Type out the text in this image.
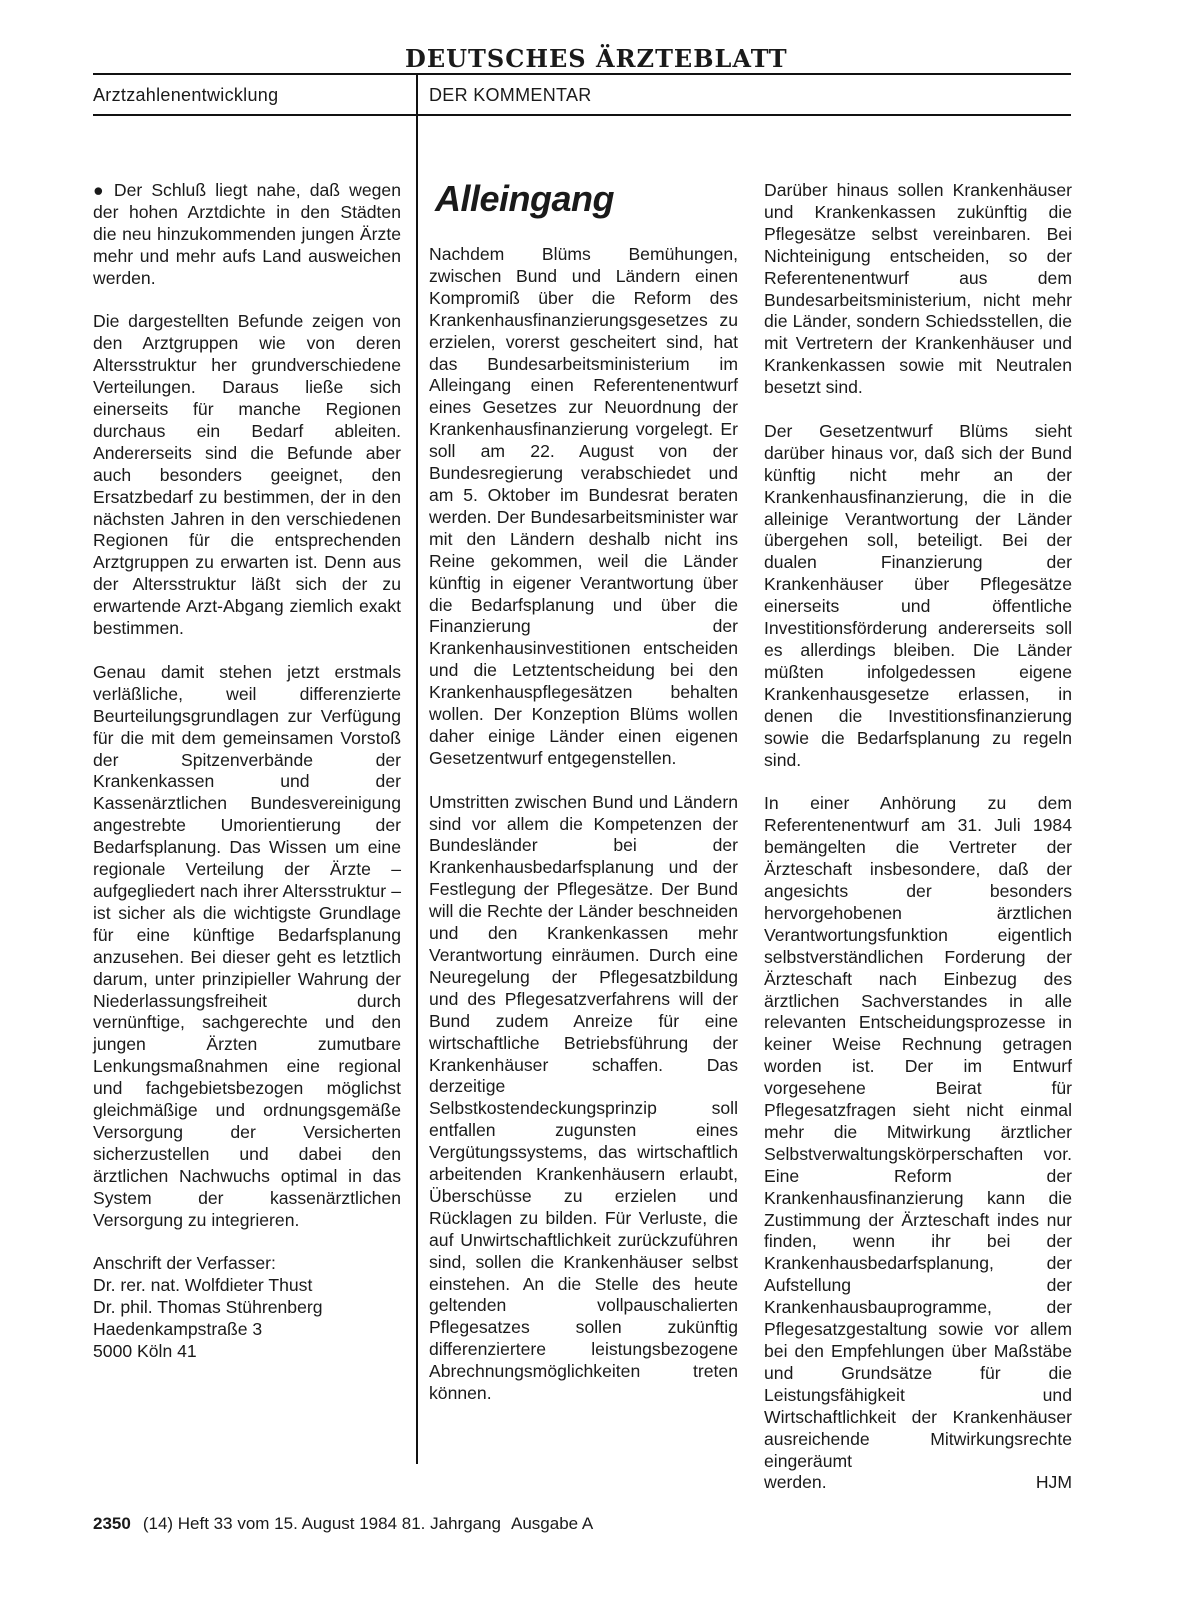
DEUTSCHES ÄRZTEBLATT
Arztzahlenentwicklung	DER KOMMENTAR

● Der Schluß liegt nahe, daß wegen der hohen Arztdichte in den Städten die neu hinzukommenden jungen Ärzte mehr und mehr aufs Land ausweichen werden.

Die dargestellten Befunde zeigen von den Arztgruppen wie von deren Altersstruktur her grundverschiedene Verteilungen. Daraus ließe sich einerseits für manche Regionen durchaus ein Bedarf ableiten. Andererseits sind die Befunde aber auch besonders geeignet, den Ersatzbedarf zu bestimmen, der in den nächsten Jahren in den verschiedenen Regionen für die entsprechenden Arztgruppen zu erwarten ist. Denn aus der Altersstruktur läßt sich der zu erwartende Arzt-Abgang ziemlich exakt bestimmen.

Genau damit stehen jetzt erstmals verläßliche, weil differenzierte Beurteilungsgrundlagen zur Verfügung für die mit dem gemeinsamen Vorstoß der Spitzenverbände der Krankenkassen und der Kassenärztlichen Bundesvereinigung angestrebte Umorientierung der Bedarfsplanung. Das Wissen um eine regionale Verteilung der Ärzte – aufgegliedert nach ihrer Altersstruktur – ist sicher als die wichtigste Grundlage für eine künftige Bedarfsplanung anzusehen. Bei dieser geht es letztlich darum, unter prinzipieller Wahrung der Niederlassungsfreiheit durch vernünftige, sachgerechte und den jungen Ärzten zumutbare Lenkungsmaßnahmen eine regional und fachgebietsbezogen möglichst gleichmäßige und ordnungsgemäße Versorgung der Versicherten sicherzustellen und dabei den ärztlichen Nachwuchs optimal in das System der kassenärztlichen Versorgung zu integrieren.

Anschrift der Verfasser:
Dr. rer. nat. Wolfdieter Thust
Dr. phil. Thomas Stührenberg
Haedenkampstraße 3
5000 Köln 41
Alleingang

Nachdem Blüms Bemühungen, zwischen Bund und Ländern einen Kompromiß über die Reform des Krankenhausfinanzierungsgesetzes zu erzielen, vorerst gescheitert sind, hat das Bundesarbeitsministerium im Alleingang einen Referentenentwurf eines Gesetzes zur Neuordnung der Krankenhausfinanzierung vorgelegt. Er soll am 22. August von der Bundesregierung verabschiedet und am 5. Oktober im Bundesrat beraten werden. Der Bundesarbeitsminister war mit den Ländern deshalb nicht ins Reine gekommen, weil die Länder künftig in eigener Verantwortung über die Bedarfsplanung und über die Finanzierung der Krankenhausinvestitionen entscheiden und die Letztentscheidung bei den Krankenhauspflegesätzen behalten wollen. Der Konzeption Blüms wollen daher einige Länder einen eigenen Gesetzentwurf entgegenstellen.

Umstritten zwischen Bund und Ländern sind vor allem die Kompetenzen der Bundesländer bei der Krankenhausbedarfsplanung und der Festlegung der Pflegesätze. Der Bund will die Rechte der Länder beschneiden und den Krankenkassen mehr Verantwortung einräumen. Durch eine Neuregelung der Pflegesatzbildung und des Pflegesatzverfahrens will der Bund zudem Anreize für eine wirtschaftliche Betriebsführung der Krankenhäuser schaffen. Das derzeitige Selbstkostendeckungsprinzip soll entfallen zugunsten eines Vergütungssystems, das wirtschaftlich arbeitenden Krankenhäusern erlaubt, Überschüsse zu erzielen und Rücklagen zu bilden. Für Verluste, die auf Unwirtschaftlichkeit zurückzuführen sind, sollen die Krankenhäuser selbst einstehen. An die Stelle des heute geltenden vollpauschalierten Pflegesatzes sollen zukünftig differenziertere leistungsbezogene Abrechnungsmöglichkeiten treten können.

Darüber hinaus sollen Krankenhäuser und Krankenkassen zukünftig die Pflegesätze selbst vereinbaren. Bei Nichteinigung entscheiden, so der Referentenentwurf aus dem Bundesarbeitsministerium, nicht mehr die Länder, sondern Schiedsstellen, die mit Vertretern der Krankenhäuser und Krankenkassen sowie mit Neutralen besetzt sind.

Der Gesetzentwurf Blüms sieht darüber hinaus vor, daß sich der Bund künftig nicht mehr an der Krankenhausfinanzierung, die in die alleinige Verantwortung der Länder übergehen soll, beteiligt. Bei der dualen Finanzierung der Krankenhäuser über Pflegesätze einerseits und öffentliche Investitionsförderung andererseits soll es allerdings bleiben. Die Länder müßten infolgedessen eigene Krankenhausgesetze erlassen, in denen die Investitionsfinanzierung sowie die Bedarfsplanung zu regeln sind.

In einer Anhörung zu dem Referentenentwurf am 31. Juli 1984 bemängelten die Vertreter der Ärzteschaft insbesondere, daß der angesichts der besonders hervorgehobenen ärztlichen Verantwortungsfunktion eigentlich selbstverständlichen Forderung der Ärzteschaft nach Einbezug des ärztlichen Sachverstandes in alle relevanten Entscheidungsprozesse in keiner Weise Rechnung getragen worden ist. Der im Entwurf vorgesehene Beirat für Pflegesatzfragen sieht nicht einmal mehr die Mitwirkung ärztlicher Selbstverwaltungskörperschaften vor. Eine Reform der Krankenhausfinanzierung kann die Zustimmung der Ärzteschaft indes nur finden, wenn ihr bei der Krankenhausbedarfsplanung, der Aufstellung der Krankenhausbauprogramme, der Pflegesatzgestaltung sowie vor allem bei den Empfehlungen über Maßstäbe und Grundsätze für die Leistungsfähigkeit und Wirtschaftlichkeit der Krankenhäuser ausreichende Mitwirkungsrechte eingeräumt
werden.	HJM

2350 (14) Heft 33 vom 15. August 1984 81. Jahrgang Ausgabe A
